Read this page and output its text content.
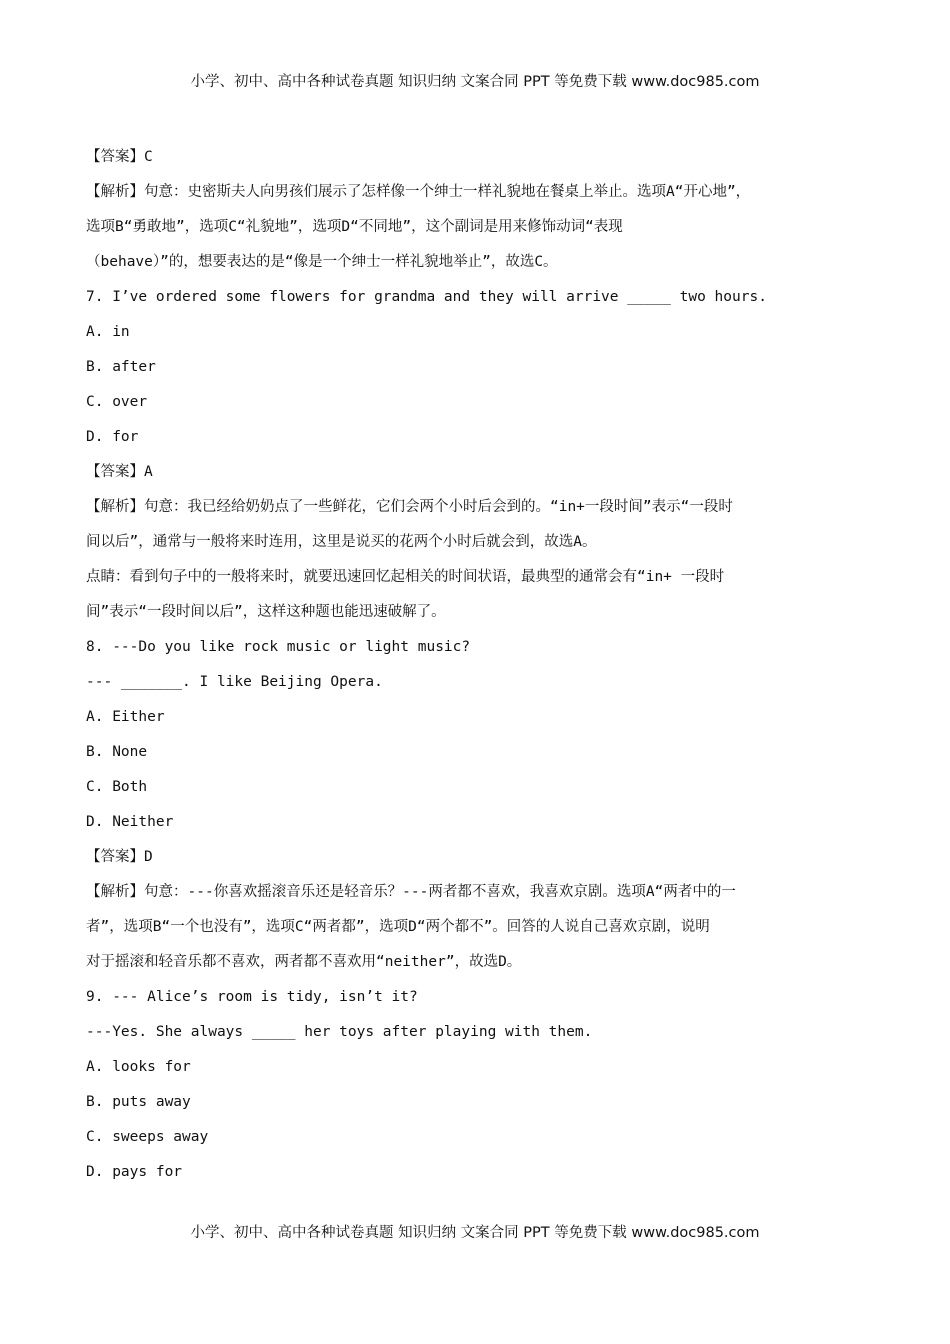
小学、初中、高中各种试卷真题 知识归纳 文案合同 PPT 等免费下载 www.doc985.com
【答案】C
【解析】句意：史密斯夫人向男孩们展示了怎样像一个绅士一样礼貌地在餐桌上举止。选项A“开心地”，
选项B“勇敢地”，选项C“礼貌地”，选项D“不同地”，这个副词是用来修饰动词“表现
（behave）”的，想要表达的是“像是一个绅士一样礼貌地举止”，故选C。
7. I’ve ordered some flowers for grandma and they will arrive _____ two hours.
A. in
B. after
C. over
D. for
【答案】A
【解析】句意：我已经给奶奶点了一些鲜花，它们会两个小时后会到的。“in+一段时间”表示“一段时
间以后”，通常与一般将来时连用，这里是说买的花两个小时后就会到，故选A。
点睛：看到句子中的一般将来时，就要迅速回忆起相关的时间状语，最典型的通常会有“in+ 一段时
间”表示“一段时间以后”，这样这种题也能迅速破解了。
8. ---Do you like rock music or light music?
--- _______. I like Beijing Opera.
A. Either
B. None
C. Both
D. Neither
【答案】D
【解析】句意：---你喜欢摇滚音乐还是轻音乐？---两者都不喜欢，我喜欢京剧。选项A“两者中的一
者”，选项B“一个也没有”，选项C“两者都”，选项D“两个都不”。回答的人说自己喜欢京剧，说明
对于摇滚和轻音乐都不喜欢，两者都不喜欢用“neither”，故选D。
9. --- Alice’s room is tidy, isn’t it?
---Yes. She always _____ her toys after playing with them.
A. looks for
B. puts away
C. sweeps away
D. pays for
小学、初中、高中各种试卷真题 知识归纳 文案合同 PPT 等免费下载 www.doc985.com
